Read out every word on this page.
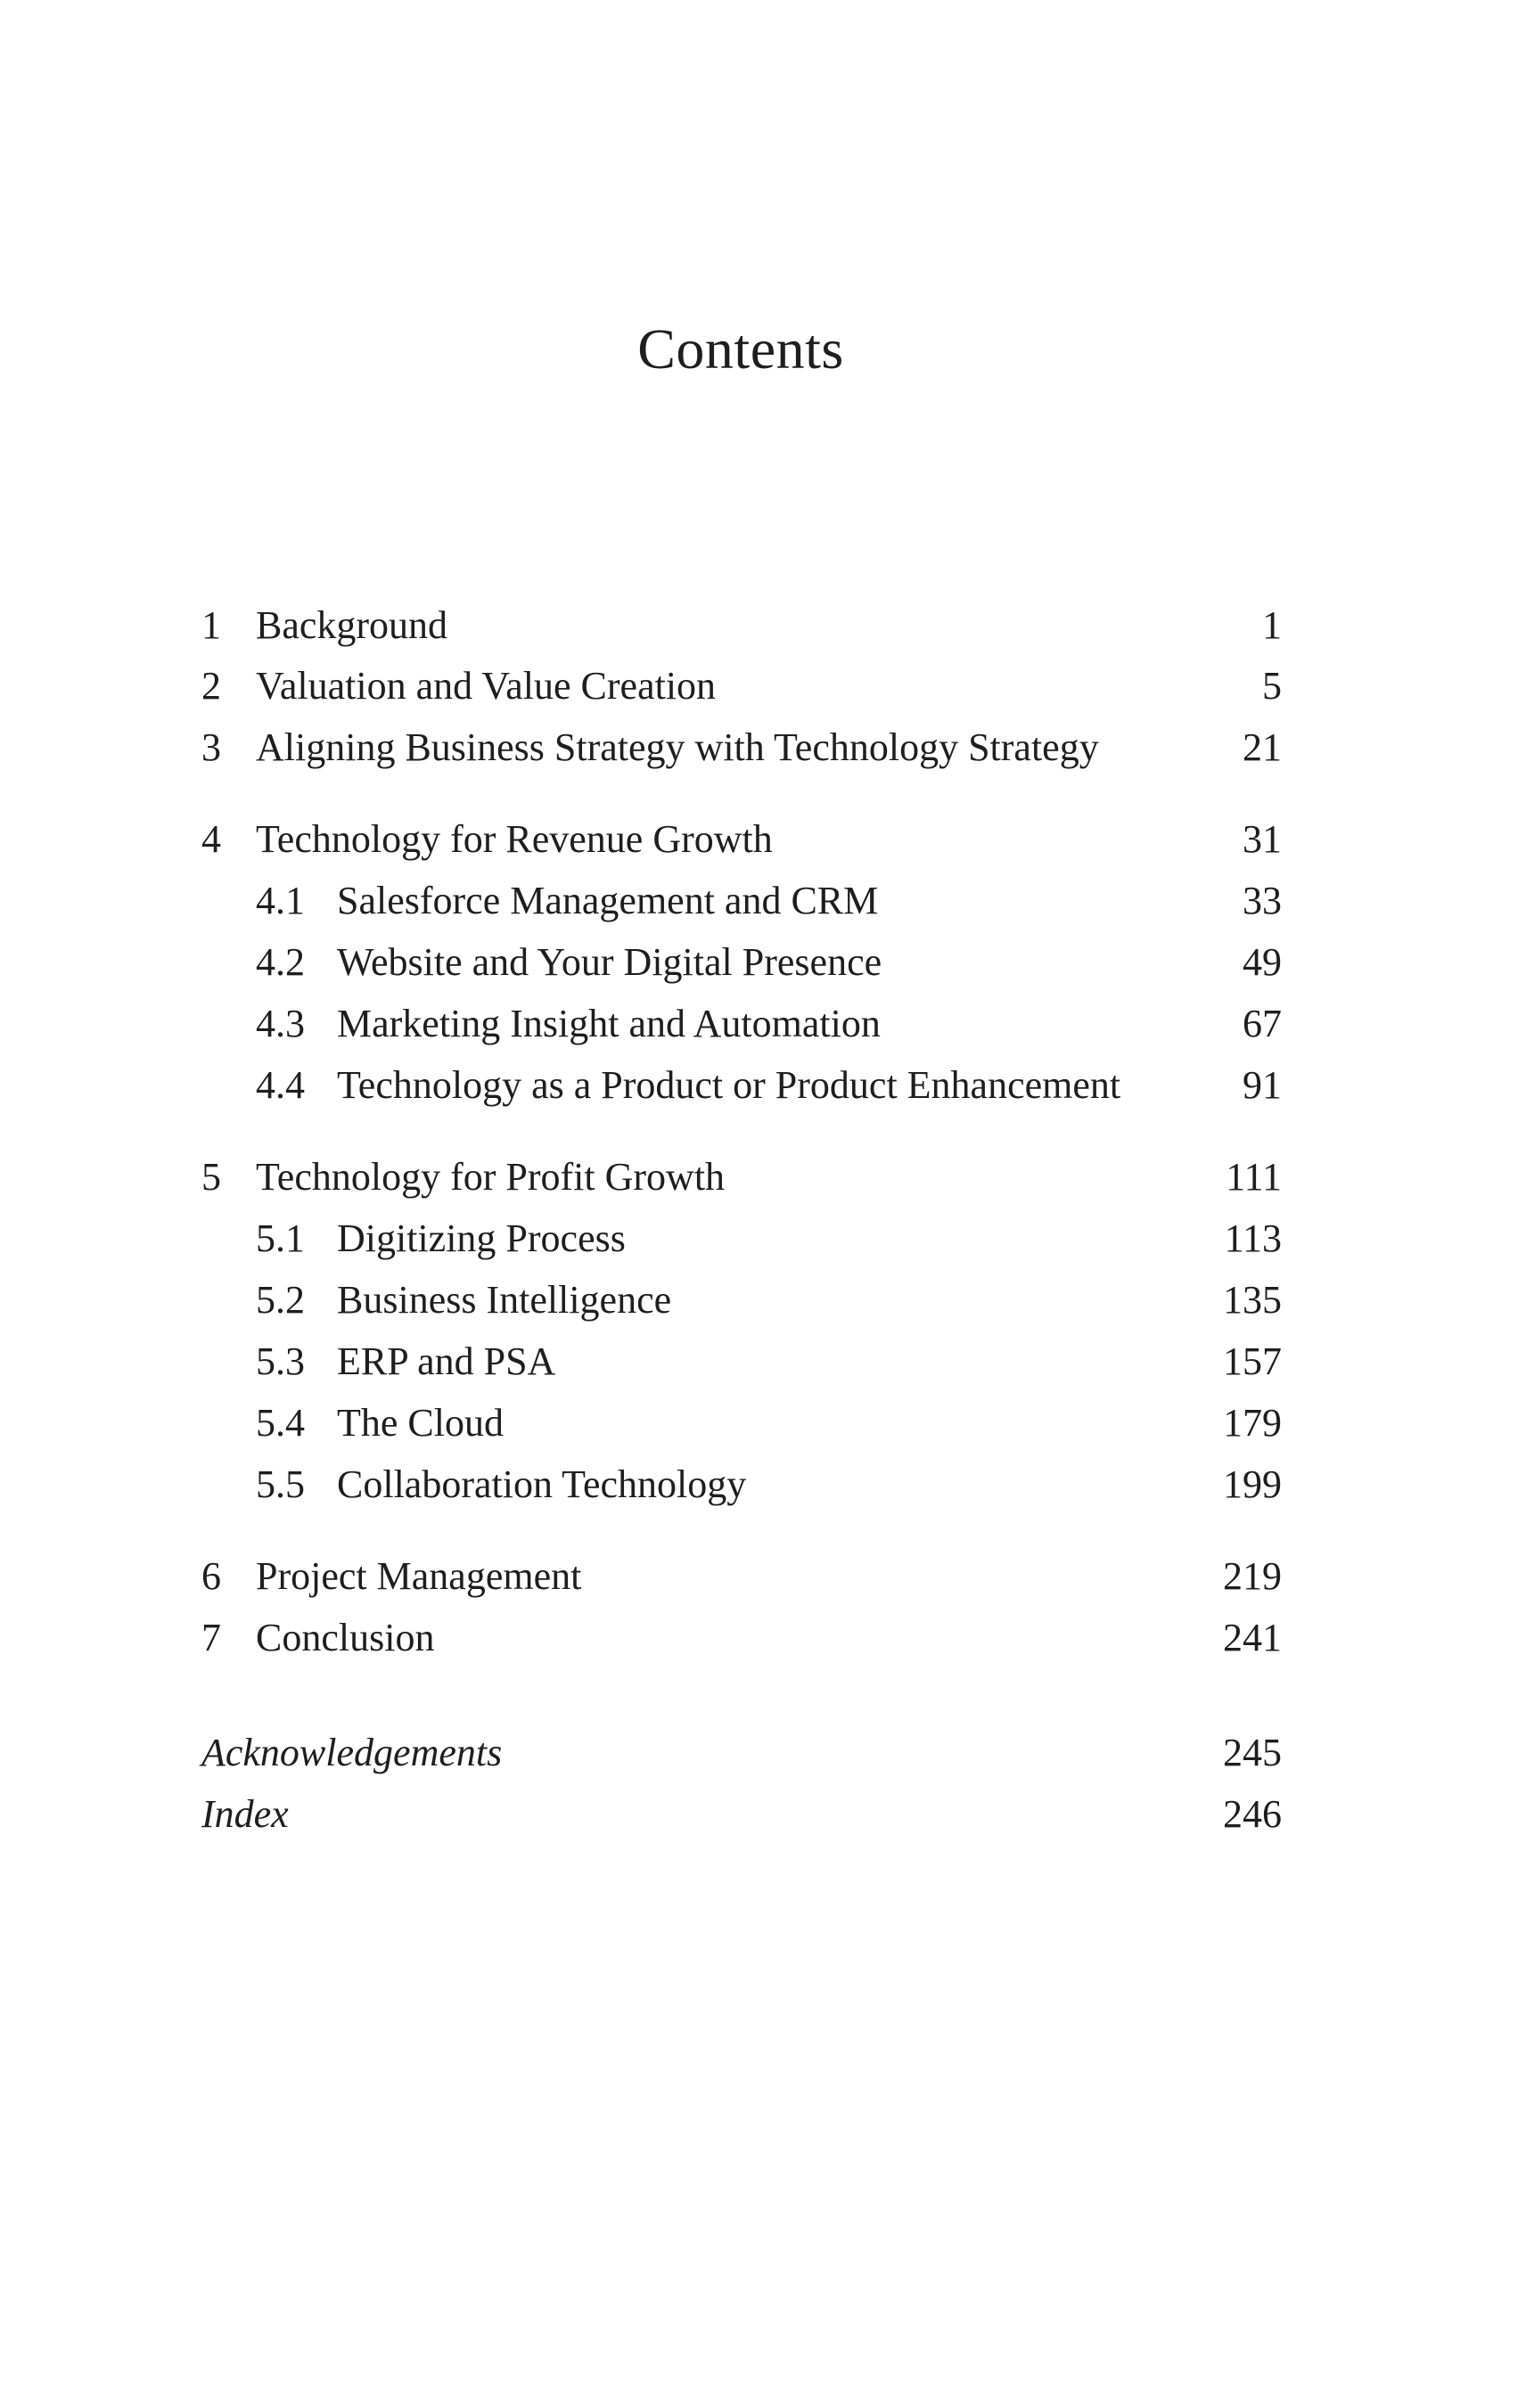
Contents
1 Background	1
2 Valuation and Value Creation	5
3 Aligning Business Strategy with Technology Strategy	21
4 Technology for Revenue Growth	31
4.1 Salesforce Management and CRM	33
4.2 Website and Your Digital Presence	49
4.3 Marketing Insight and Automation	67
4.4 Technology as a Product or Product Enhancement	91
5 Technology for Profit Growth	111
5.1 Digitizing Process	113
5.2 Business Intelligence	135
5.3 ERP and PSA	157
5.4 The Cloud	179
5.5 Collaboration Technology	199
6 Project Management	219
7 Conclusion	241
Acknowledgements	245
Index	246
